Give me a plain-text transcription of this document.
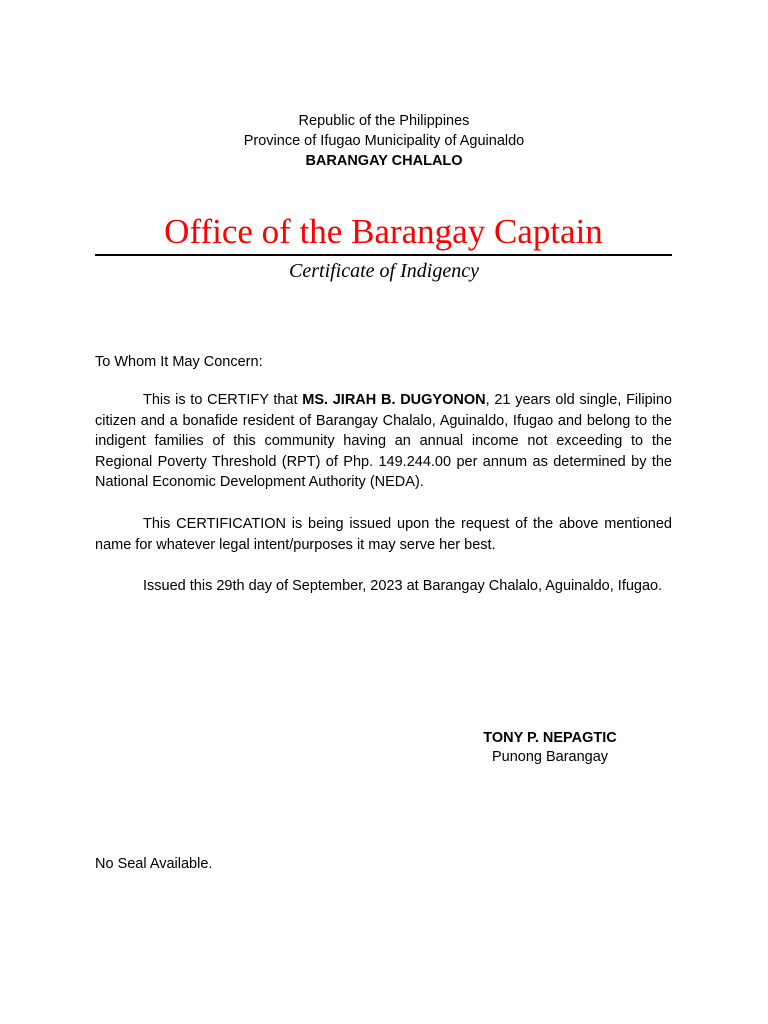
Republic of the Philippines
Province of Ifugao Municipality of Aguinaldo
BARANGAY CHALALO
Office of the Barangay Captain
Certificate of Indigency
To Whom It May Concern:
This is to CERTIFY that MS. JIRAH B. DUGYONON, 21 years old single, Filipino citizen and a bonafide resident of Barangay Chalalo, Aguinaldo, Ifugao and belong to the indigent families of this community having an annual income not exceeding to the Regional Poverty Threshold (RPT) of Php. 149.244.00 per annum as determined by the National Economic Development Authority (NEDA).
This CERTIFICATION is being issued upon the request of the above mentioned name for whatever legal intent/purposes it may serve her best.
Issued this 29th day of September, 2023 at Barangay Chalalo, Aguinaldo, Ifugao.
TONY P. NEPAGTIC
Punong Barangay
No Seal Available.
